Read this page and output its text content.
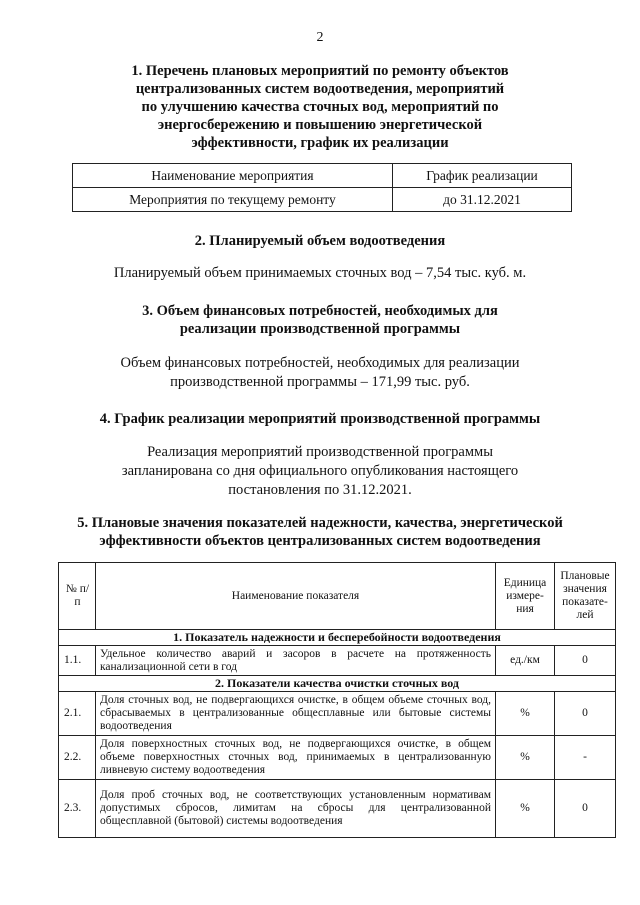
2
1. Перечень плановых мероприятий по ремонту объектов
централизованных систем водоотведения, мероприятий
по улучшению качества сточных вод, мероприятий по
энергосбережению и повышению энергетической
эффективности, график их реализации
Наименование мероприятия	График реализации
Мероприятия по текущему ремонту	до 31.12.2021
2. Планируемый объем водоотведения
Планируемый объем принимаемых сточных вод – 7,54 тыс. куб. м.
3. Объем финансовых потребностей, необходимых для
реализации производственной программы
Объем финансовых потребностей, необходимых для реализации
производственной программы – 171,99 тыс. руб.
4. График реализации мероприятий производственной программы
Реализация мероприятий производственной программы
запланирована со дня официального опубликования настоящего
постановления по 31.12.2021.
5. Плановые значения показателей надежности, качества, энергетической
эффективности объектов централизованных систем водоотведения
№ п/п	Наименование показателя	Единица измере-ния	Плановые значения показате-лей
1. Показатель надежности и бесперебойности водоотведения			
1.1.	Удельное количество аварий и засоров в расчете на протяженность канализационной сети в год	ед./км	0
2. Показатели качества очистки сточных вод			
2.1.	Доля сточных вод, не подвергающихся очистке, в общем объеме сточных вод, сбрасываемых в централизованные общесплавные или бытовые системы водоотведения	%	0
2.2.	Доля поверхностных сточных вод, не подвергающихся очистке, в общем объеме поверхностных сточных вод, принимаемых в централизованную ливневую систему водоотведения	%	-
2.3.	Доля проб сточных вод, не соответствующих установленным нормативам допустимых сбросов, лимитам на сбросы для централизованной общесплавной (бытовой) системы водоотведения	%	0
